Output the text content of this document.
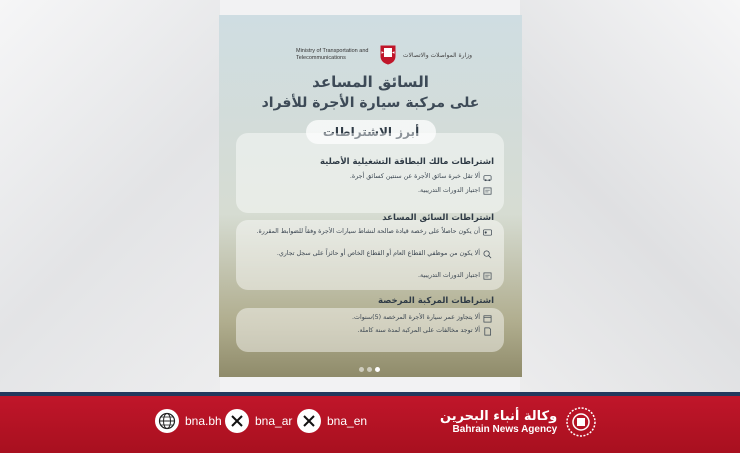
Ministry of Transportation and Telecommunications	وزارة المواصلات والاتصالات
السائق المساعد
على مركبة سيارة الأجرة للأفراد
أبرز الاشتراطات
اشتراطات مالك البطاقة التشغيلية الأصلية
ألا تقل خبرة سائق الأجرة عن سنتين كسائق أجرة.
اجتياز الدورات التدريبية.
اشتراطات السائق المساعد
أن يكون حاصلاً على رخصة قيادة صالحة لنشاط سيارات الأجرة وفقاً للضوابط المقررة.
ألا يكون من موظفي القطاع العام أو القطاع الخاص أو حائزاً على سجل تجاري.
اجتياز الدورات التدريبية.
اشتراطات المركبة المرخصة
ألا يتجاوز عمر سيارة الأجرة المرخصة (5)سنوات.
ألا توجد مخالفات على المركبة لمدة سنة كاملة.
bna.bh	bna_ar	bna_en	وكالة أنباء البحرين
Bahrain News Agency
